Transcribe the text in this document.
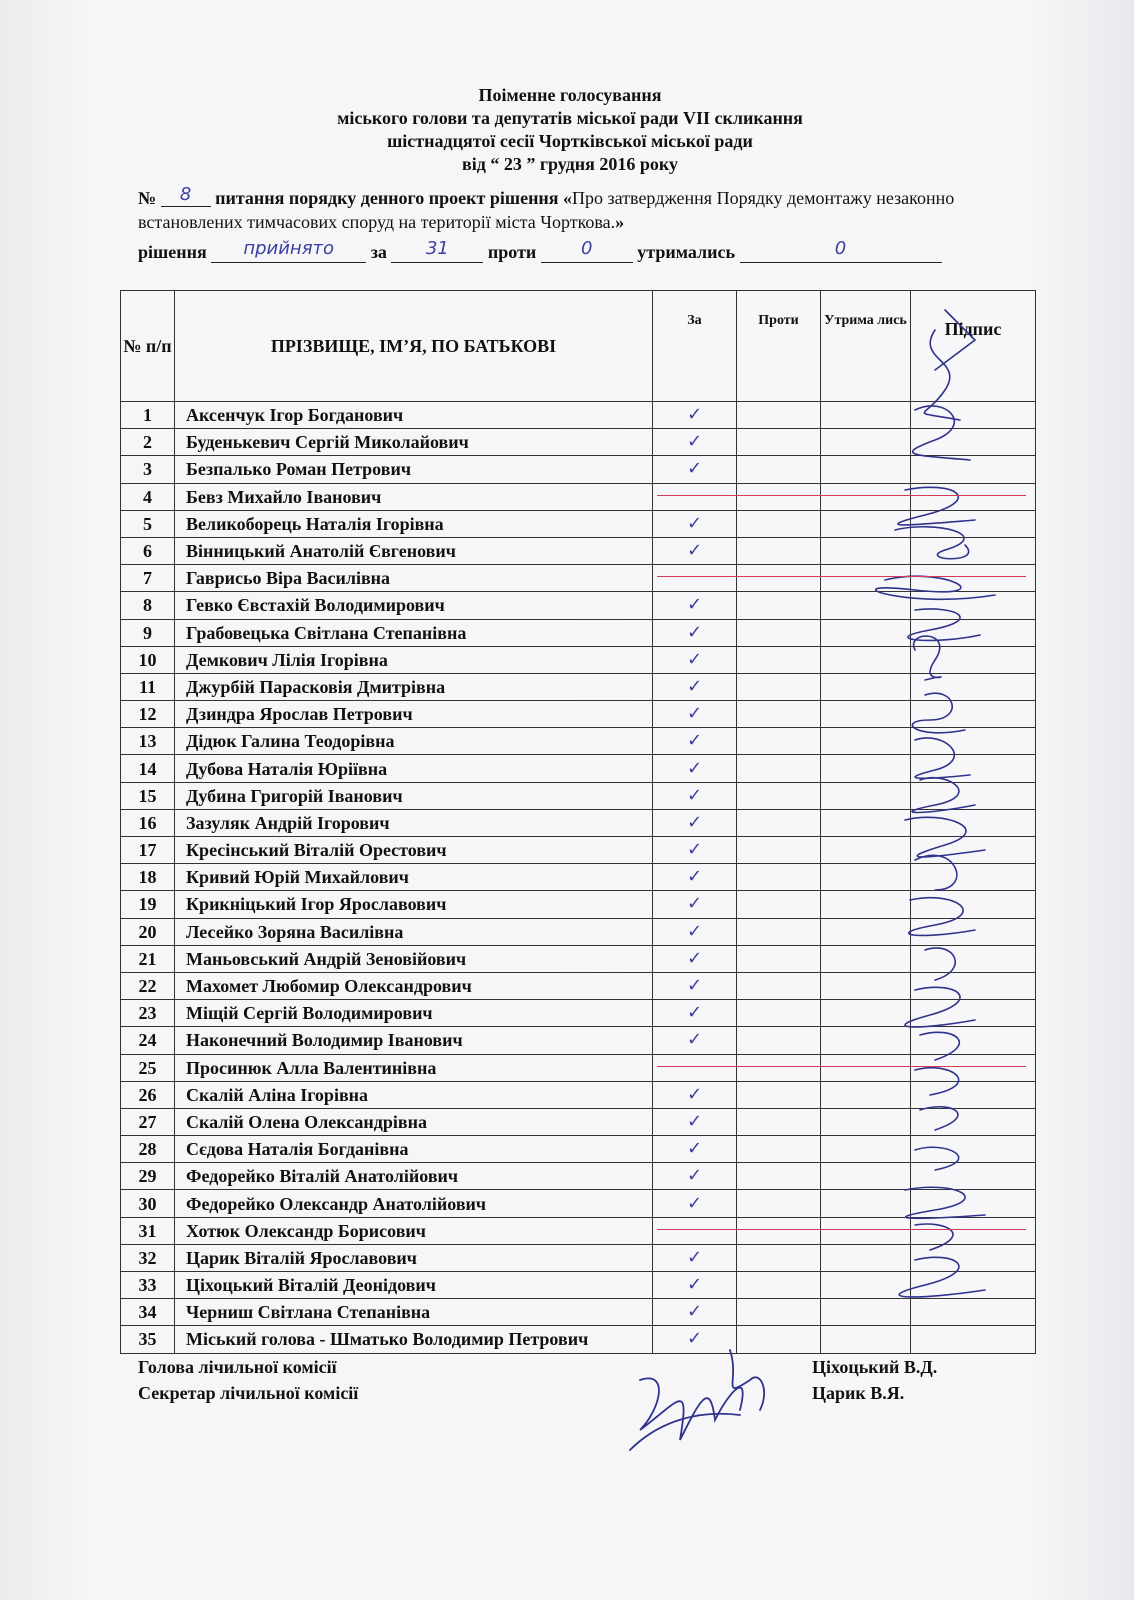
Поіменне голосування
міського голови та депутатів міської ради VII скликання
шістнадцятої сесії Чортківської міської ради
від “ 23 ” грудня 2016 року
№ 8 питання порядку денного проект рішення «Про затвердження Порядку демонтажу незаконно встановлених тимчасових споруд на території міста Чорткова.»
рішення прийнято за 31 проти 0 утримались	0
№ п/п	ПРІЗВИЩЕ, ІМ’Я, ПО БАТЬКОВІ	За	Проти	Утрима лись	Підпис
1	Аксенчук Ігор Богданович	✓			

2	Буденькевич Сергій Миколайович	✓			

3	Безпалько Роман Петрович	✓			

4	Бевз Михайло Іванович	

5	Великоборець Наталія Ігорівна	✓			

6	Вінницький Анатолій Євгенович	✓			

7	Гаврисьо Віра Василівна	

8	Гевко Євстахій Володимирович	✓			

9	Грабовецька Світлана Степанівна	✓			

10	Демкович Лілія Ігорівна	✓			

11	Джурбій Парасковія Дмитрівна	✓			

12	Дзиндра Ярослав Петрович	✓			

13	Дідюк Галина Теодорівна	✓			

14	Дубова Наталія Юріївна	✓			

15	Дубина Григорій Іванович	✓			

16	Зазуляк Андрій Ігорович	✓			

17	Кресінський Віталій Орестович	✓			

18	Кривий Юрій Михайлович	✓			

19	Крикніцький Ігор Ярославович	✓			

20	Лесейко Зоряна Василівна	✓			

21	Маньовський Андрій Зеновійович	✓			

22	Махомет Любомир Олександрович	✓			

23	Міщій Сергій Володимирович	✓			

24	Наконечний Володимир Іванович	✓			

25	Просинюк Алла Валентинівна	

26	Скалій Аліна Ігорівна	✓			

27	Скалій Олена Олександрівна	✓			

28	Сєдова Наталія Богданівна	✓			

29	Федорейко Віталій Анатолійович	✓			

30	Федорейко Олександр Анатолійович	✓			

31	Хотюк Олександр Борисович	

32	Царик Віталій Ярославович	✓			

33	Ціхоцький Віталій Деонідович	✓			

34	Черниш Світлана Степанівна	✓			

35	Міський голова - Шматько Володимир Петрович	✓			

Голова лічильної комісії
Секретар лічильної комісії
Ціхоцький В.Д.
Царик В.Я.
